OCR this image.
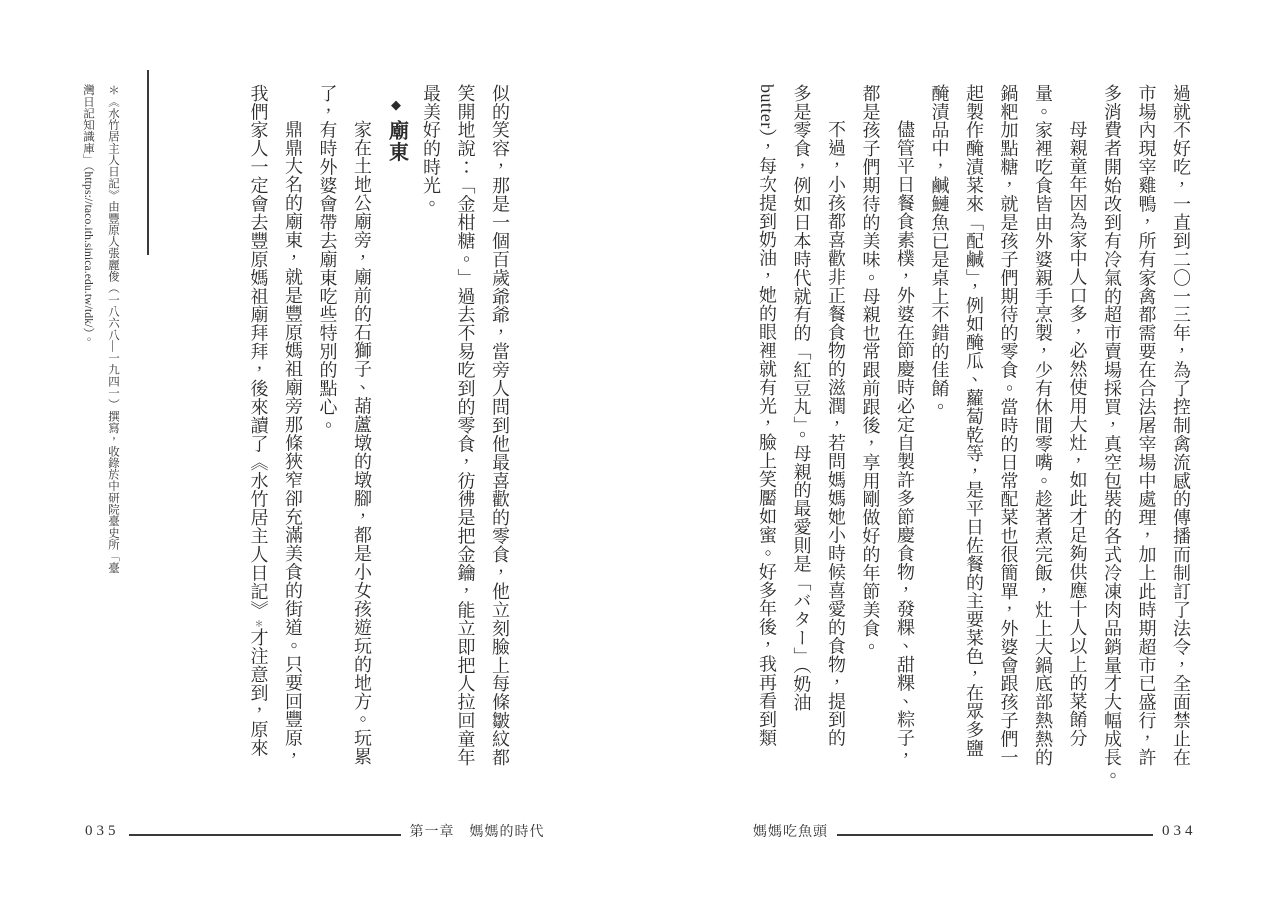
過就不好吃，一直到二〇一三年，為了控制禽流感的傳播而制訂了法令，全面禁止在
市場內現宰雞鴨，所有家禽都需要在合法屠宰場中處理，加上此時期超市已盛行，許
多消費者開始改到有冷氣的超市賣場採買，真空包裝的各式冷凍肉品銷量才大幅成長。
母親童年因為家中人口多，必然使用大灶，如此才足夠供應十人以上的菜餚分
量。家裡吃食皆由外婆親手烹製，少有休閒零嘴。趁著煮完飯，灶上大鍋底部熱熱的
鍋粑加點糖，就是孩子們期待的零食。當時的日常配菜也很簡單，外婆會跟孩子們一
起製作醃漬菜來「配鹹」，例如醃瓜、蘿蔔乾等，是平日佐餐的主要菜色，在眾多鹽
醃漬品中，鹹鰱魚已是桌上不錯的佳餚。
儘管平日餐食素樸，外婆在節慶時必定自製許多節慶食物，發粿、甜粿、粽子，
都是孩子們期待的美味。母親也常跟前跟後，享用剛做好的年節美食。
不過，小孩都喜歡非正餐食物的滋潤，若問媽媽她小時候喜愛的食物，提到的
多是零食，例如日本時代就有的「紅豆丸」。母親的最愛則是「バター」（奶油
butter），每次提到奶油，她的眼裡就有光，臉上笑靨如蜜。好多年後，我再看到類
似的笑容，那是一個百歲爺爺，當旁人問到他最喜歡的零食，他立刻臉上每條皺紋都
笑開地說：「金柑糖。」過去不易吃到的零食，彷彿是把金鑰，能立即把人拉回童年
最美好的時光。
◆廟東
家在土地公廟旁，廟前的石獅子、葫蘆墩的墩腳，都是小女孩遊玩的地方。玩累
了，有時外婆會帶去廟東吃些特別的點心。
鼎鼎大名的廟東，就是豐原媽祖廟旁那條狹窄卻充滿美食的街道。只要回豐原，
我們家人一定會去豐原媽祖廟拜拜，後來讀了《水竹居主人日記》＊才注意到，原來
＊《水竹居主人日記》由豐原人張麗俊（一八六八—一九四一）撰寫，收錄於中研院臺史所「臺
灣日記知識庫」（https://taco.ith.sinica.edu.tw/tdk/）。
035	第一章　媽媽的時代	媽媽吃魚頭	034
